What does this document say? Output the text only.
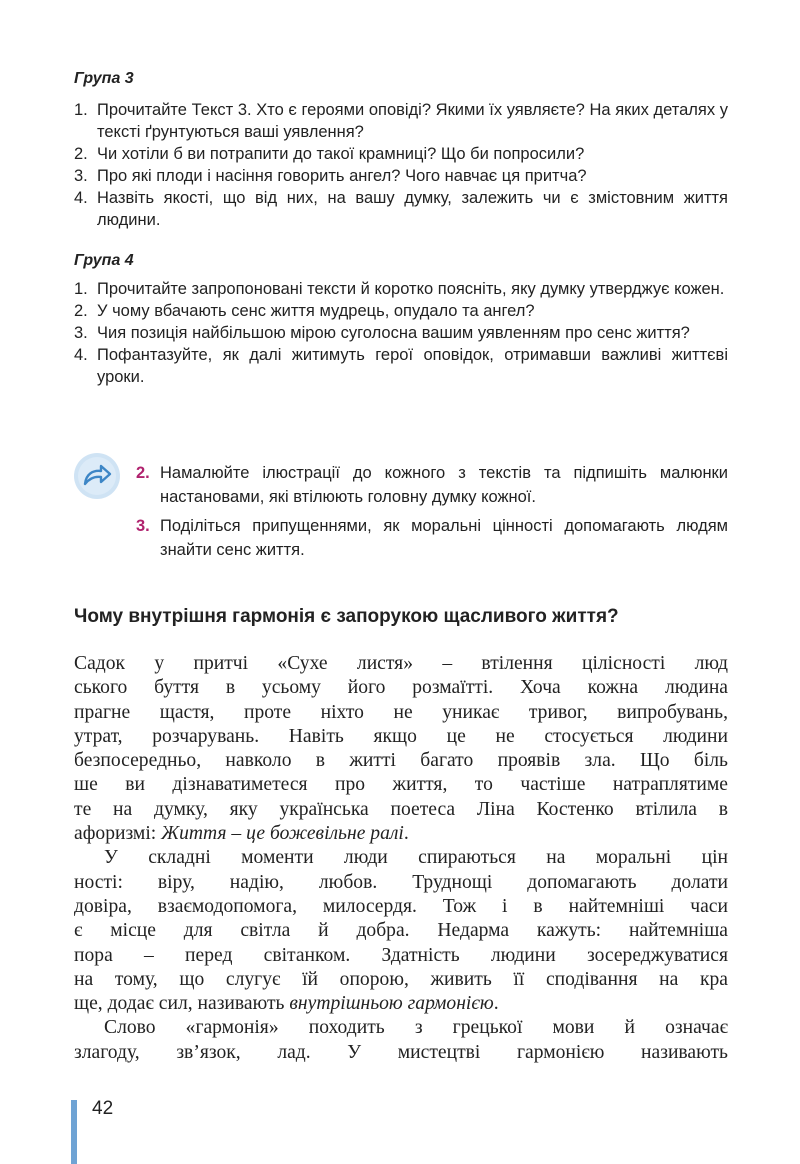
Група 3
1. Прочитайте Текст 3. Хто є героями оповіді? Якими їх уявляєте? На яких деталях у тексті ґрунтуються ваші уявлення?
2. Чи хотіли б ви потрапити до такої крамниці? Що би попросили?
3. Про які плоди і насіння говорить ангел? Чого навчає ця притча?
4. Назвіть якості, що від них, на вашу думку, залежить чи є змістовним життя людини.
Група 4
1. Прочитайте запропоновані тексти й коротко поясніть, яку думку утверджує кожен.
2. У чому вбачають сенс життя мудрець, опудало та ангел?
3. Чия позиція найбільшою мірою суголосна вашим уявленням про сенс життя?
4. Пофантазуйте, як далі житимуть герої оповідок, отримавши важливі життєві уроки.
2. Намалюйте ілюстрації до кожного з текстів та підпишіть малюнки настановами, які втілюють головну думку кожної.
3. Поділіться припущеннями, як моральні цінності допомагають людям знайти сенс життя.
Чому внутрішня гармонія є запорукою щасливого життя?

Садок у притчі «Сухе листя» – втілення цілісності люд
ського буття в усьому його розмаїтті. Хоча кожна людина
прагне щастя, проте ніхто не уникає тривог, випробувань,
утрат, розчарувань. Навіть якщо це не стосується людини
безпосередньо, навколо в житті багато проявів зла. Що біль
ше ви дізнаватиметеся про життя, то частіше натраплятиме
те на думку, яку українська поетеса Ліна Костенко втілила в
афоризмі: Життя – це божевільне ралі.

У складні моменти люди спираються на моральні цін
ності: віру, надію, любов. Труднощі допомагають долати
довіра, взаємодопомога, милосердя. Тож і в найтемніші часи
є місце для світла й добра. Недарма кажуть: найтемніша
пора – перед світанком. Здатність людини зосереджуватися
на тому, що слугує їй опорою, живить її сподівання на кра
ще, додає сил, називають внутрішньою гармонією.

Слово «гармонія» походить з грецької мови й означає
злагоду, зв’язок, лад. У мистецтві гармонією називають

42
